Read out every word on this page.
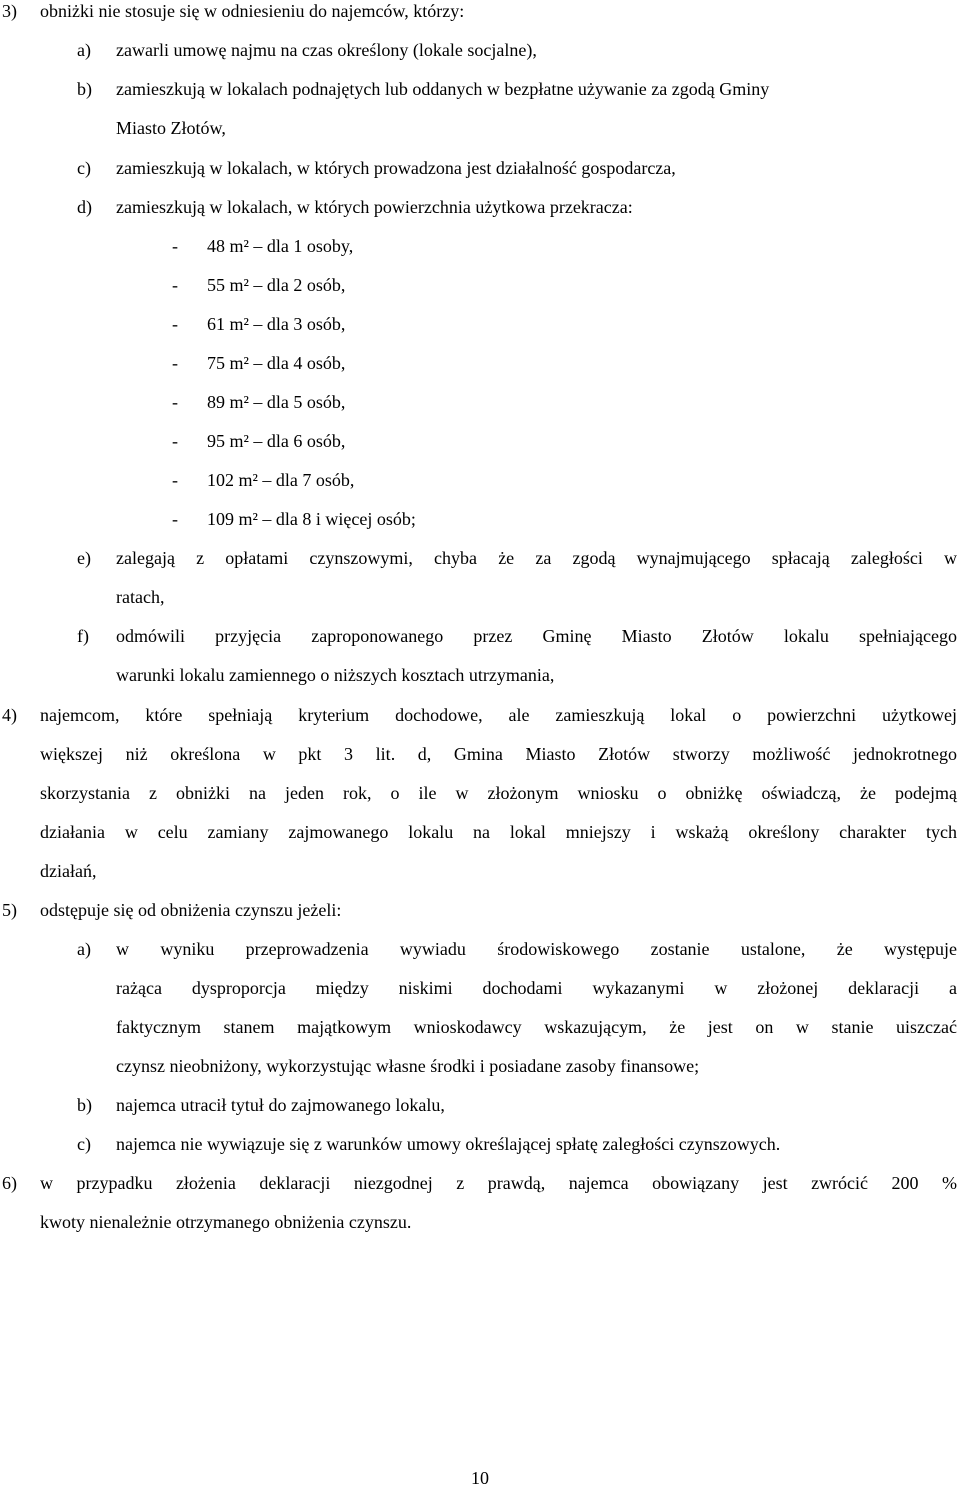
3)	obniżki nie stosuje się w odniesieniu do najemców, którzy:
a)	zawarli umowę najmu na czas określony (lokale socjalne),
b)	zamieszkują w lokalach podnajętych lub oddanych w bezpłatne używanie za zgodą Gminy
Miasto Złotów,
c)	zamieszkują w lokalach, w których prowadzona jest działalność gospodarcza,
d)	zamieszkują w lokalach, w których powierzchnia użytkowa przekracza:
-	48 m² – dla 1 osoby,
-	55 m² – dla 2 osób,
-	61 m² – dla 3 osób,
-	75 m² – dla 4 osób,
-	89 m² – dla 5 osób,
-	95 m² – dla 6 osób,
-	102 m² – dla 7 osób,
-	109 m² – dla 8 i więcej osób;
e)	zalegają z opłatami czynszowymi, chyba że za zgodą wynajmującego spłacają zaległości w
ratach,
f)	odmówili przyjęcia zaproponowanego przez Gminę Miasto Złotów lokalu spełniającego
warunki lokalu zamiennego o niższych kosztach utrzymania,
4)	najemcom, które spełniają kryterium dochodowe, ale zamieszkują lokal o powierzchni użytkowej
większej niż określona w pkt 3 lit. d, Gmina Miasto Złotów stworzy możliwość jednokrotnego
skorzystania z obniżki na jeden rok, o ile w złożonym wniosku o obniżkę oświadczą, że podejmą
działania w celu zamiany zajmowanego lokalu na lokal mniejszy i wskażą określony charakter tych
działań,
5)	odstępuje się od obniżenia czynszu jeżeli:
a)	w wyniku przeprowadzenia wywiadu środowiskowego zostanie ustalone, że występuje
rażąca dysproporcja między niskimi dochodami wykazanymi w złożonej deklaracji a
faktycznym stanem majątkowym wnioskodawcy wskazującym, że jest on w stanie uiszczać
czynsz nieobniżony, wykorzystując własne środki i posiadane zasoby finansowe;
b)	najemca utracił tytuł do zajmowanego lokalu,
c)	najemca nie wywiązuje się z warunków umowy określającej spłatę zaległości czynszowych.
6)	w przypadku złożenia deklaracji niezgodnej z prawdą, najemca obowiązany jest zwrócić 200 %
kwoty nienależnie otrzymanego obniżenia czynszu.
10
